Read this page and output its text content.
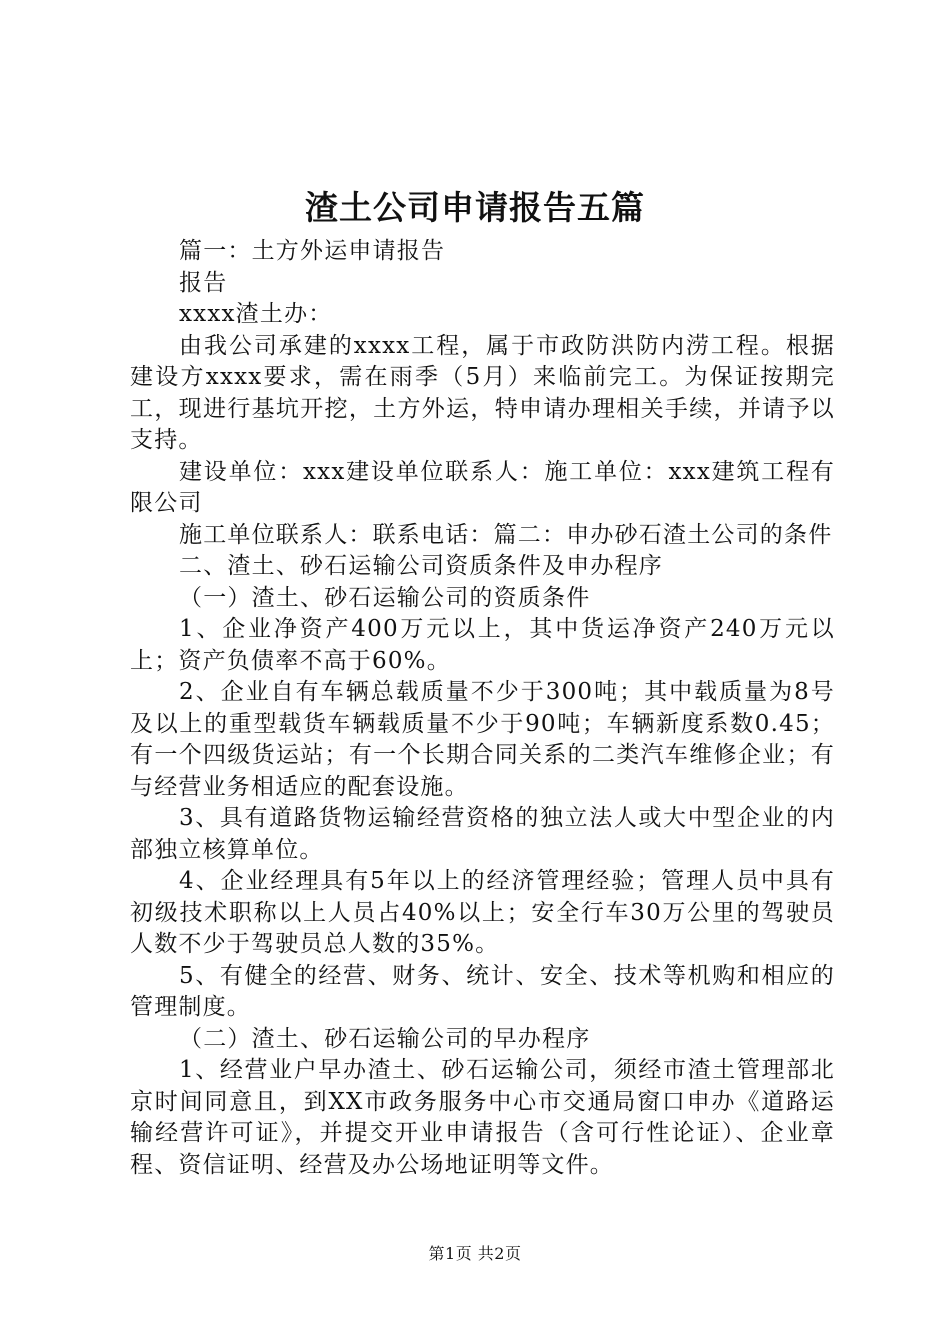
渣土公司申请报告五篇

篇一：土方外运申请报告

报告

xxxx渣土办：

由我公司承建的xxxx工程，属于市政防洪防内涝工程。根据建设方xxxx要求，需在雨季（5月）来临前完工。为保证按期完工，现进行基坑开挖，土方外运，特申请办理相关手续，并请予以支持。

建设单位：xxx建设单位联系人：施工单位：xxx建筑工程有限公司

施工单位联系人：联系电话：篇二：申办砂石渣土公司的条件

二、渣土、砂石运输公司资质条件及申办程序

（一）渣土、砂石运输公司的资质条件

1、企业净资产400万元以上，其中货运净资产240万元以上；资产负债率不高于60%。

2、企业自有车辆总载质量不少于300吨；其中载质量为8号及以上的重型载货车辆载质量不少于90吨；车辆新度系数0.45；有一个四级货运站；有一个长期合同关系的二类汽车维修企业；有与经营业务相适应的配套设施。

3、具有道路货物运输经营资格的独立法人或大中型企业的内部独立核算单位。

4、企业经理具有5年以上的经济管理经验；管理人员中具有初级技术职称以上人员占40%以上；安全行车30万公里的驾驶员人数不少于驾驶员总人数的35%。

5、有健全的经营、财务、统计、安全、技术等机购和相应的管理制度。

（二）渣土、砂石运输公司的早办程序

1、经营业户早办渣土、砂石运输公司，须经市渣土管理部北京时间同意且，到XX市政务服务中心市交通局窗口申办《道路运输经营许可证》，并提交开业申请报告（含可行性论证）、企业章程、资信证明、经营及办公场地证明等文件。

第1页 共2页
